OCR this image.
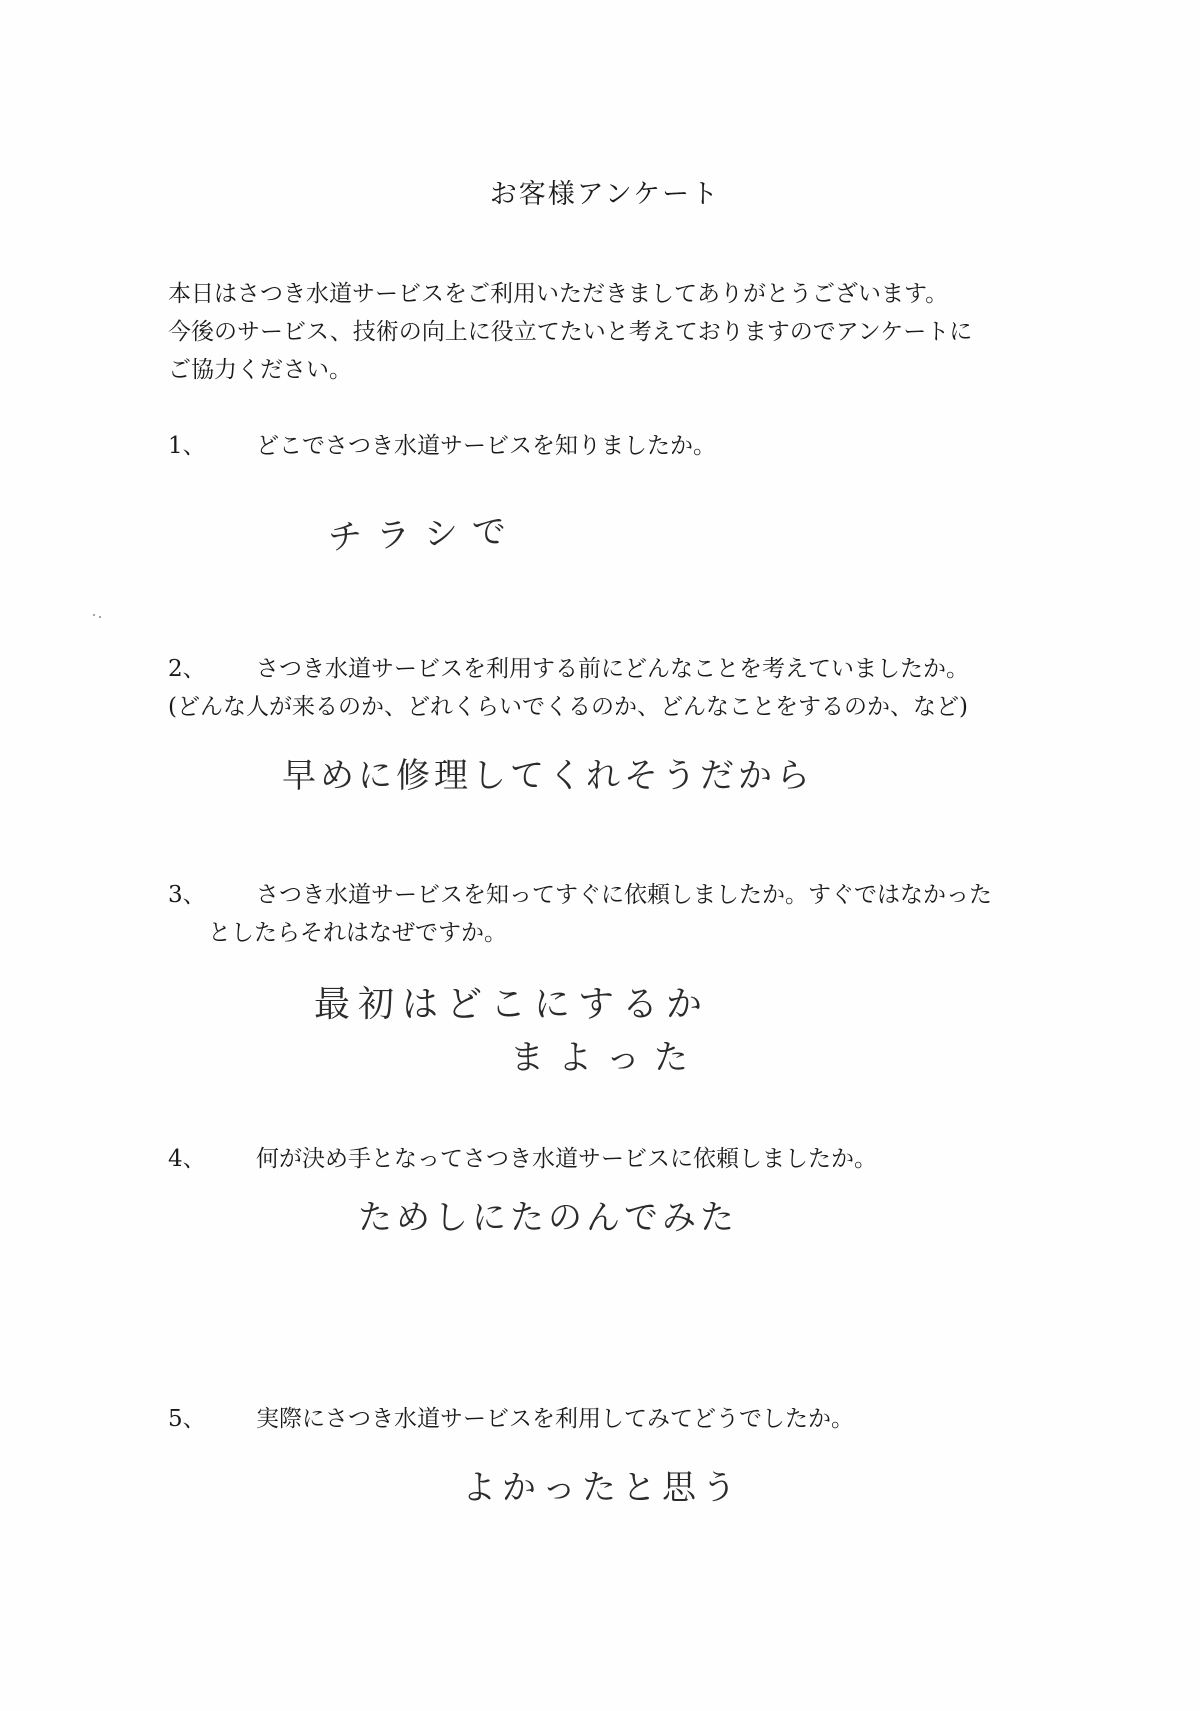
お客様アンケート
本日はさつき水道サービスをご利用いただきましてありがとうございます。
今後のサービス、技術の向上に役立てたいと考えておりますのでアンケートに
ご協力ください。
1、 どこでさつき水道サービスを知りましたか。
チラシで
2、 さつき水道サービスを利用する前にどんなことを考えていましたか。
(どんな人が来るのか、どれくらいでくるのか、どんなことをするのか、など)
早めに修理してくれそうだから
3、 さつき水道サービスを知ってすぐに依頼しましたか。すぐではなかった
としたらそれはなぜですか。
最初はどこにするか
まよった
4、 何が決め手となってさつき水道サービスに依頼しましたか。
ためしにたのんでみた
5、 実際にさつき水道サービスを利用してみてどうでしたか。
よかったと思う
